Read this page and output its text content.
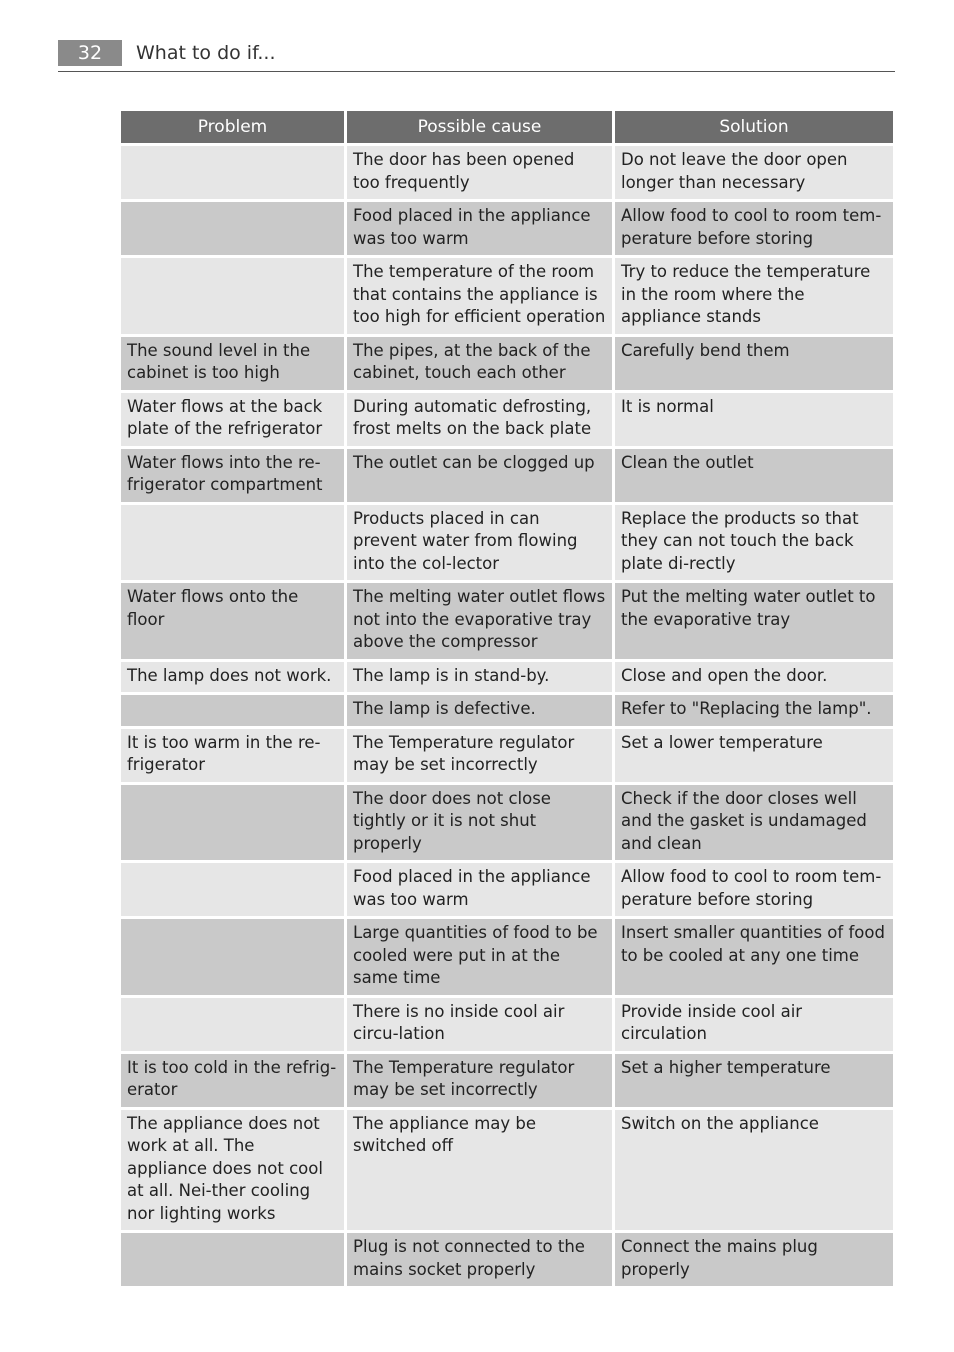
32	What to do if...
Problem	Possible cause	Solution
	The door has been opened too frequently	Do not leave the door open longer than necessary
	Food placed in the appliance was too warm	Allow food to cool to room tem-perature before storing
	The temperature of the room that contains the appliance is too high for efficient operation	Try to reduce the temperature in the room where the appliance stands
The sound level in the cabinet is too high	The pipes, at the back of the cabinet, touch each other	Carefully bend them
Water flows at the back plate of the refrigerator	During automatic defrosting, frost melts on the back plate	It is normal
Water flows into the re-frigerator compartment	The outlet can be clogged up	Clean the outlet
	Products placed in can prevent water from flowing into the col-lector	Replace the products so that they can not touch the back plate di-rectly
Water flows onto the floor	The melting water outlet flows not into the evaporative tray above the compressor	Put the melting water outlet to the evaporative tray
The lamp does not work.	The lamp is in stand-by.	Close and open the door.
	The lamp is defective.	Refer to "Replacing the lamp".
It is too warm in the re-frigerator	The Temperature regulator may be set incorrectly	Set a lower temperature
	The door does not close tightly or it is not shut properly	Check if the door closes well and the gasket is undamaged and clean
	Food placed in the appliance was too warm	Allow food to cool to room tem-perature before storing
	Large quantities of food to be cooled were put in at the same time	Insert smaller quantities of food to be cooled at any one time
	There is no inside cool air circu-lation	Provide inside cool air circulation
It is too cold in the refrig-erator	The Temperature regulator may be set incorrectly	Set a higher temperature
The appliance does not work at all. The appliance does not cool at all. Nei-ther cooling nor lighting works	The appliance may be switched off	Switch on the appliance
	Plug is not connected to the mains socket properly	Connect the mains plug properly
